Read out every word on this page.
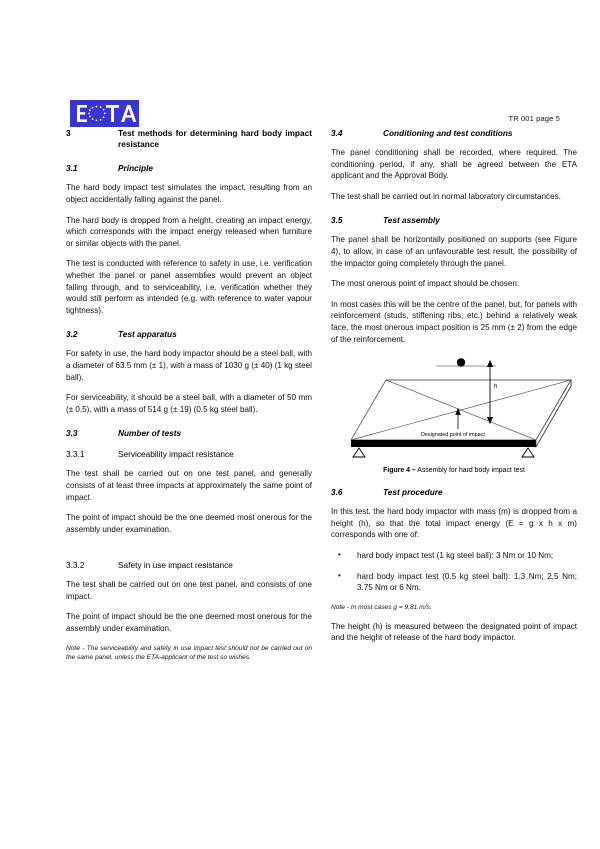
TR 001 page 5
3	Test methods for determining hard body impact resistance
3.1	Principle

The hard body impact test simulates the impact, resulting from an object accidentally falling against the panel.

The hard body is dropped from a height, creating an impact energy, which corresponds with the impact energy released when furniture or similar objects with the panel.

The test is conducted with reference to safety in use, i.e. verification whether the panel or panel assemblies would prevent an object falling through, and to serviceability, i.e. verification whether they would still perform as intended (e.g. with reference to water vapour tightness).

3.2	Test apparatus

For safety in use, the hard body impactor should be a steel ball, with a diameter of 63.5 mm (± 1), with a mass of 1030 g (± 40) (1 kg steel ball).

For serviceability, it should be a steel ball, with a diameter of 50 mm (± 0,5), with a mass of 514 g (± 19) (0.5 kg steel ball).

3.3	Number of tests
3.3.1	Serviceability impact resistance

The test shall be carried out on one test panel, and generally consists of at least three impacts at approximately the same point of impact.

The point of impact should be the one deemed most onerous for the assembly under examination.

3.3.2	Safety in use impact resistance

The test shall be carried out on one test panel, and consists of one impact.

The point of impact should be the one deemed most onerous for the assembly under examination.

Note - The serviceability and safety in use impact test should not be carried out on the same panel, unless the ETA-applicant of the test so wishes.

3.4	Conditioning and test conditions

The panel conditioning shall be recorded, where required. The conditioning period, if any, shall be agreed between the ETA applicant and the Approval Body.

The test shall be carried out in normal laboratory circumstances.

3.5	Test assembly

The panel shall be horizontally positioned on supports (see Figure 4), to allow, in case of an unfavourable test result, the possibility of the impactor going completely through the panel.

The most onerous point of impact should be chosen.

In most cases this will be the centre of the panel, but, for panels with reinforcement (studs, stiffening ribs, etc.) behind a relatively weak face, the most onerous impact position is 25 mm (± 2) from the edge of the reinforcement.

h
Designated point of impact
Figure 4 – Assembly for hard body impact test
3.6	Test procedure

In this test, the hard body impactor with mass (m) is dropped from a height (h), so that the total impact energy (E = g x h x m) corresponds with one of:

• hard body impact test (1 kg steel ball): 3 Nm or 10 Nm;
• hard body impact test (0.5 kg steel ball): 1.3 Nm; 2.5 Nm; 3.75 Nm or 6 Nm.

Note - In most cases g = 9,81 m/s.

The height (h) is measured between the designated point of impact and the height of release of the hard body impactor.
